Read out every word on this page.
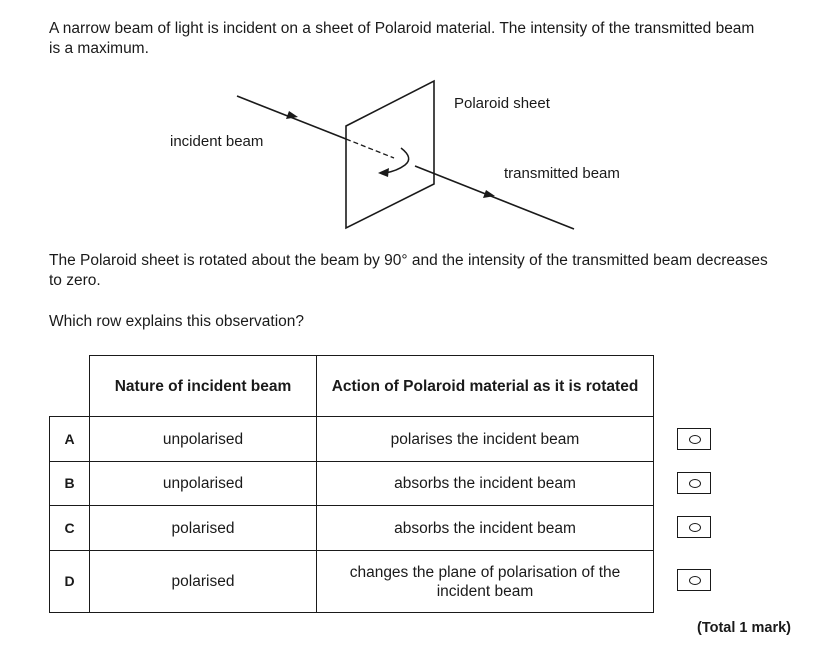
A narrow beam of light is incident on a sheet of Polaroid material. The intensity of the transmitted beam is a maximum.

incident beam
Polaroid sheet
transmitted beam

The Polaroid sheet is rotated about the beam by 90° and the intensity of the transmitted beam decreases to zero.

Which row explains this observation?

	Nature of incident beam	Action of Polaroid material as it is rotated
A	unpolarised	polarises the incident beam
B	unpolarised	absorbs the incident beam
C	polarised	absorbs the incident beam
D	polarised	changes the plane of polarisation of the incident beam
(Total 1 mark)
